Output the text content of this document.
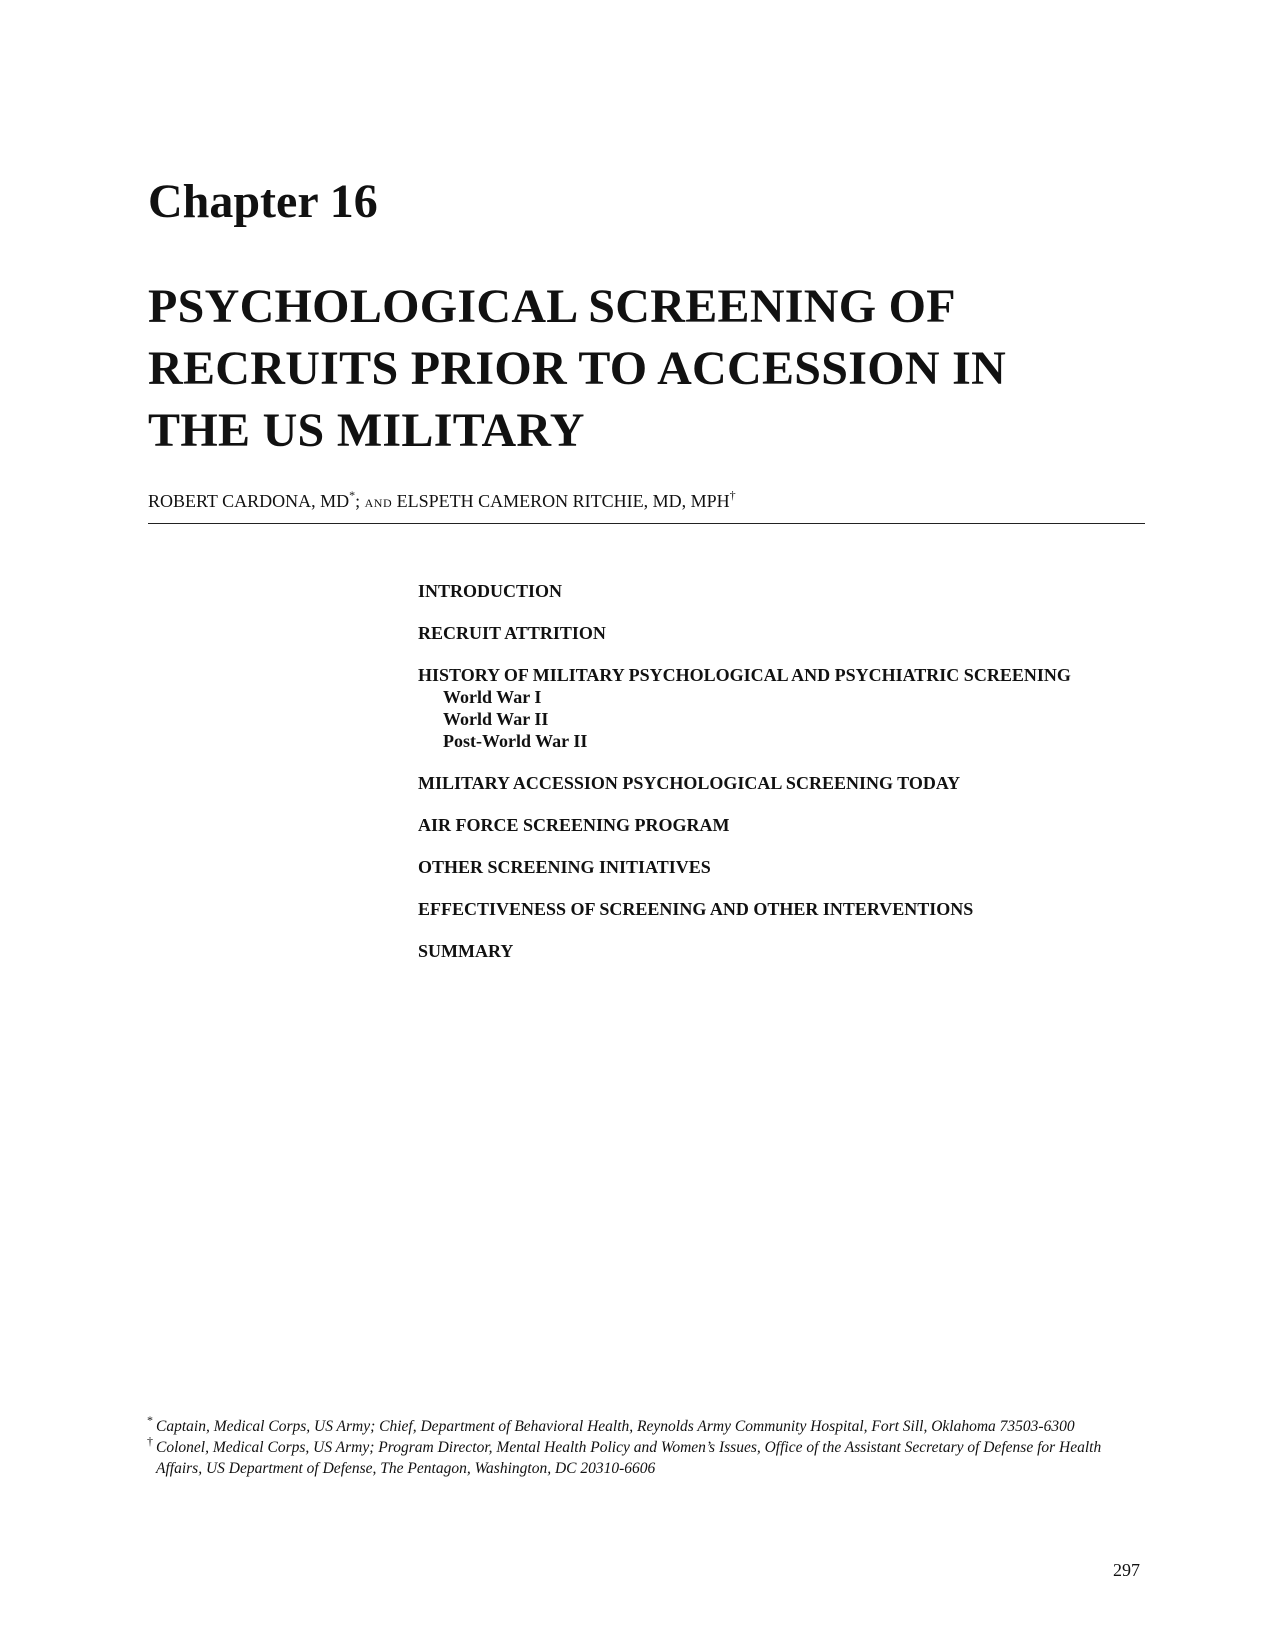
Chapter 16
PSYCHOLOGICAL SCREENING OF
RECRUITS PRIOR TO ACCESSION IN
THE US MILITARY
ROBERT CARDONA, MD*; AND ELSPETH CAMERON RITCHIE, MD, MPH†
INTRODUCTION
RECRUIT ATTRITION
HISTORY OF MILITARY PSYCHOLOGICAL AND PSYCHIATRIC SCREENING
World War I
World War II
Post-World War II
MILITARY ACCESSION PSYCHOLOGICAL SCREENING TODAY
AIR FORCE SCREENING PROGRAM
OTHER SCREENING INITIATIVES
EFFECTIVENESS OF SCREENING AND OTHER INTERVENTIONS
SUMMARY
* Captain, Medical Corps, US Army; Chief, Department of Behavioral Health, Reynolds Army Community Hospital, Fort Sill, Oklahoma 73503-6300
† Colonel, Medical Corps, US Army; Program Director, Mental Health Policy and Women’s Issues, Office of the Assistant Secretary of Defense for Health
Affairs, US Department of Defense, The Pentagon, Washington, DC 20310-6606
297
